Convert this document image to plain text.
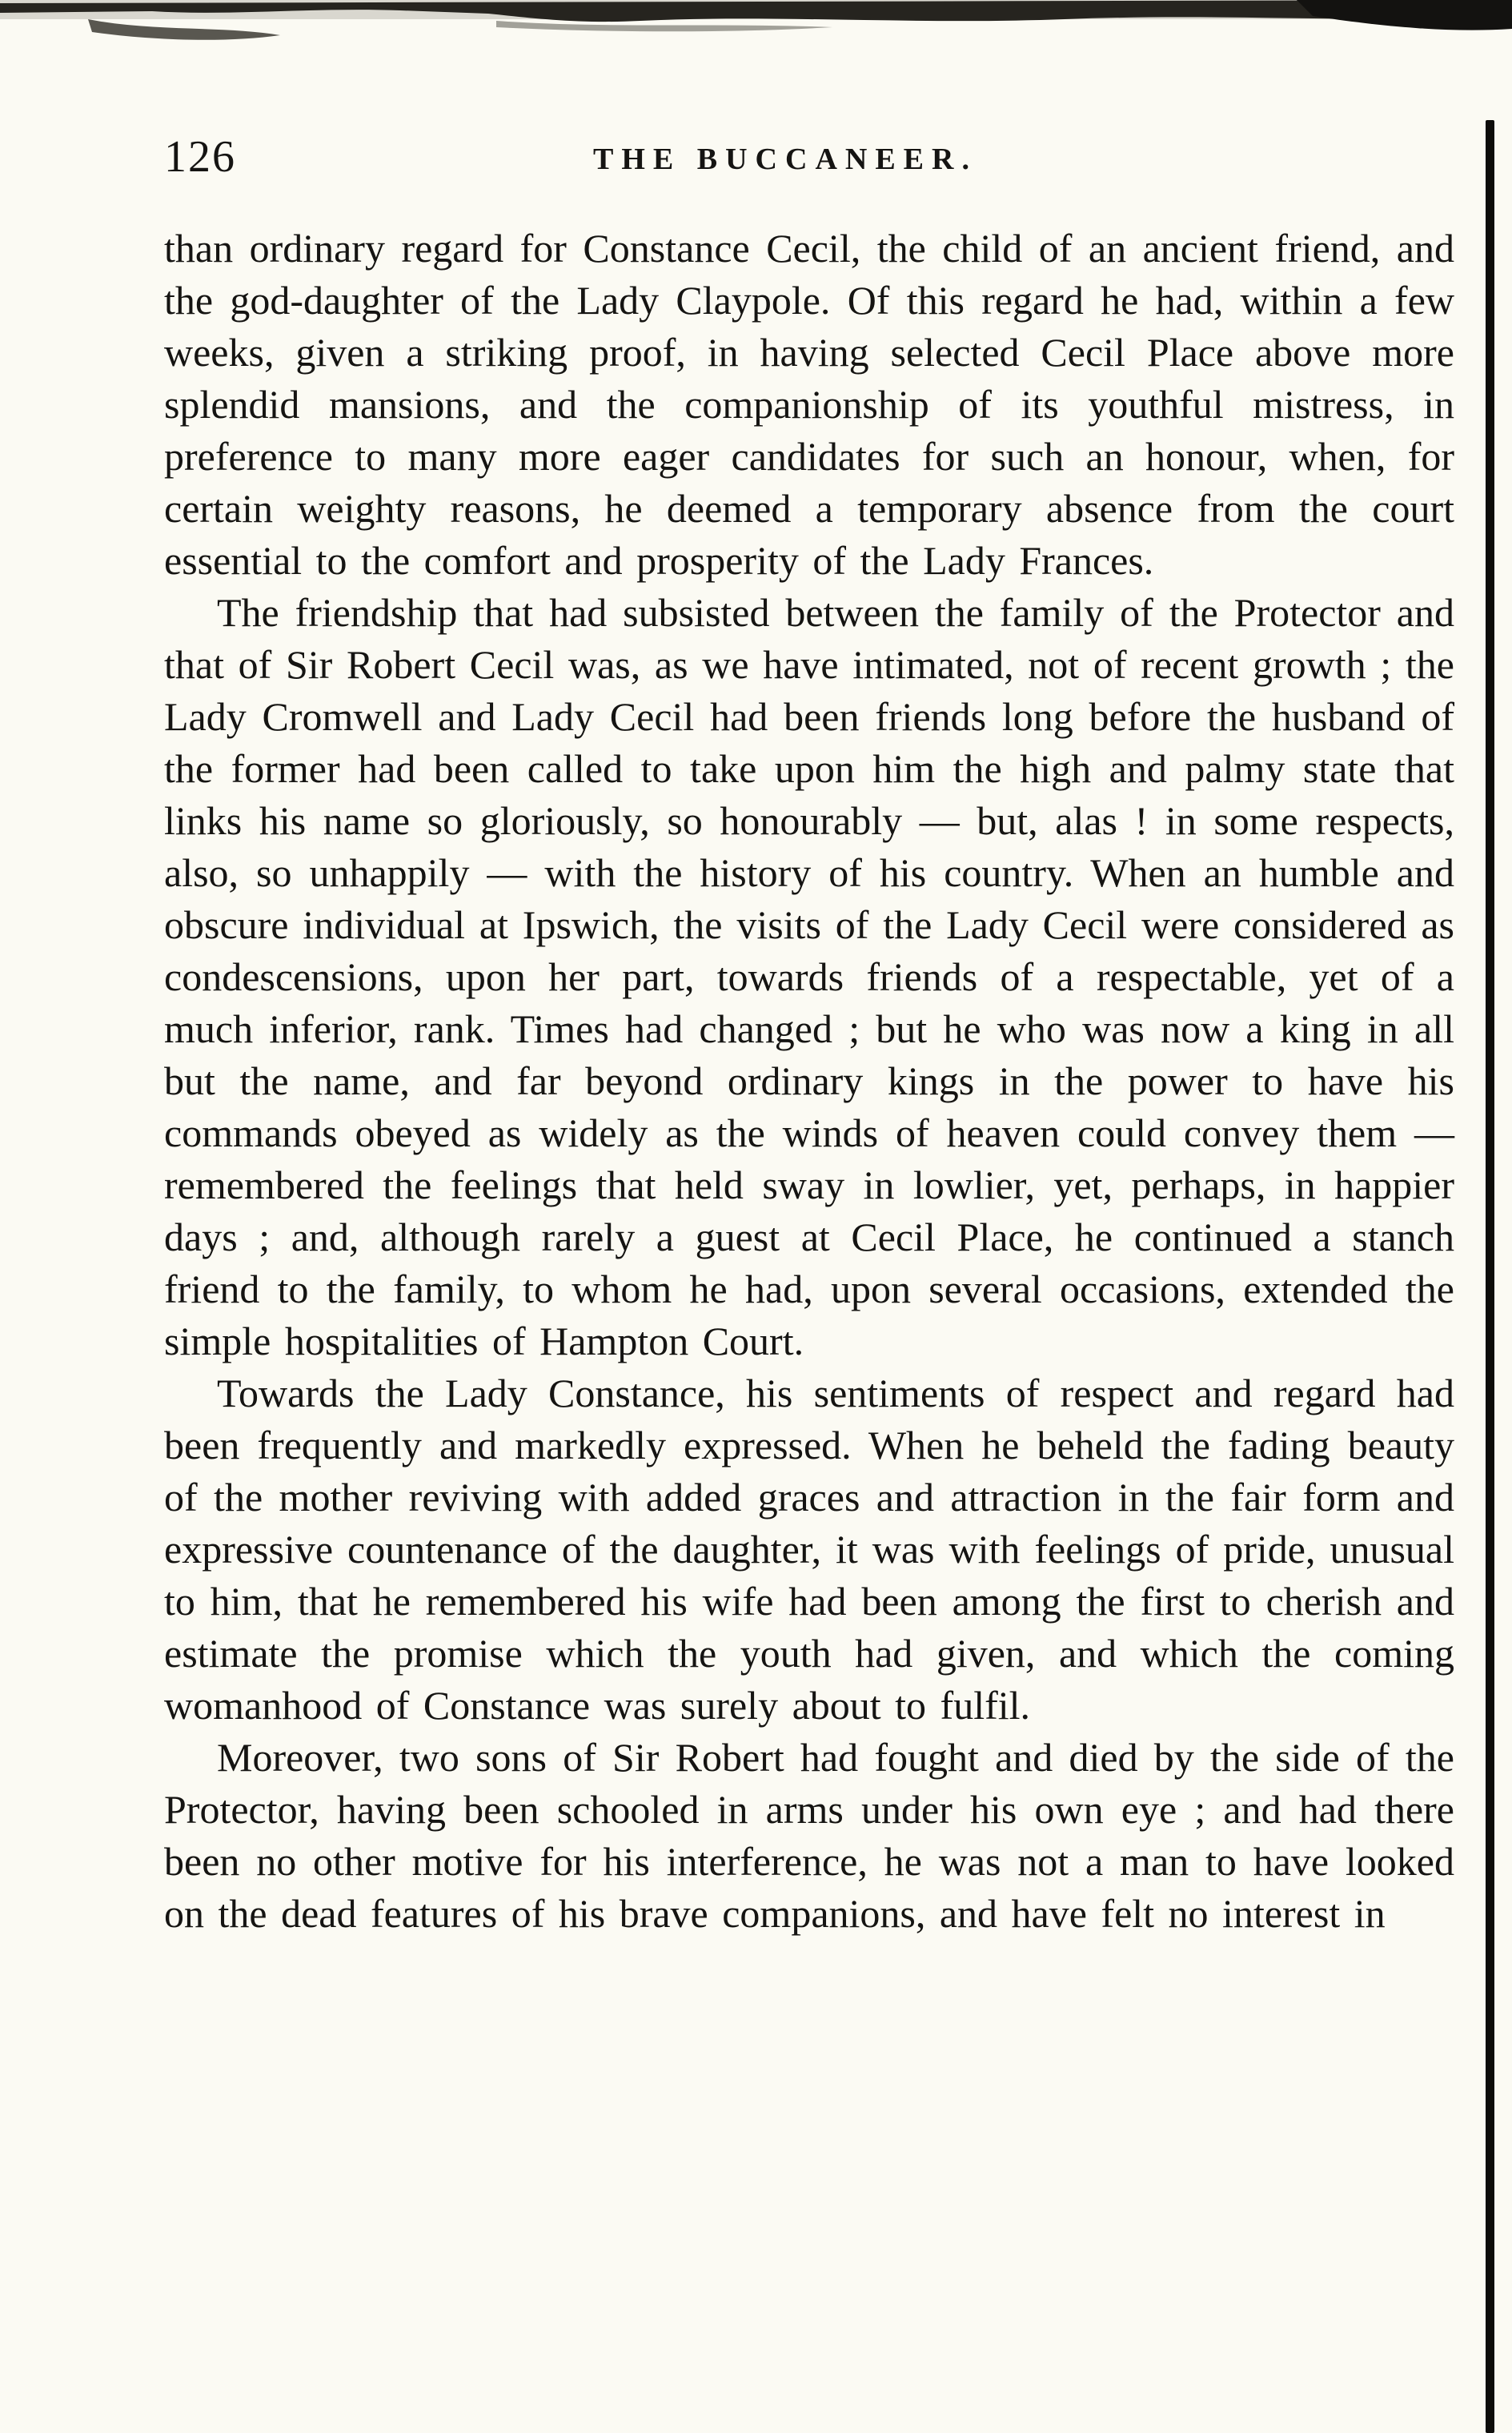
126	THE BUCCANEER.

than ordinary regard for Constance Cecil, the child of an ancient friend, and the god-daughter of the Lady Claypole. Of this regard he had, within a few weeks, given a striking proof, in having selected Cecil Place above more splendid mansions, and the companionship of its youthful mistress, in preference to many more eager candidates for such an honour, when, for certain weighty reasons, he deemed a temporary absence from the court essential to the comfort and prosperity of the Lady Frances.

The friendship that had subsisted between the family of the Protector and that of Sir Robert Cecil was, as we have intimated, not of recent growth ; the Lady Cromwell and Lady Cecil had been friends long before the husband of the former had been called to take upon him the high and palmy state that links his name so gloriously, so honourably — but, alas ! in some respects, also, so unhappily — with the history of his country. When an humble and obscure individual at Ipswich, the visits of the Lady Cecil were considered as condescensions, upon her part, towards friends of a respectable, yet of a much inferior, rank. Times had changed ; but he who was now a king in all but the name, and far beyond ordinary kings in the power to have his commands obeyed as widely as the winds of heaven could convey them — remembered the feelings that held sway in lowlier, yet, perhaps, in happier days ; and, although rarely a guest at Cecil Place, he continued a stanch friend to the family, to whom he had, upon several occasions, extended the simple hospitalities of Hampton Court.

Towards the Lady Constance, his sentiments of respect and regard had been frequently and markedly expressed. When he beheld the fading beauty of the mother reviving with added graces and attraction in the fair form and expressive countenance of the daughter, it was with feelings of pride, unusual to him, that he remembered his wife had been among the first to cherish and estimate the promise which the youth had given, and which the coming womanhood of Constance was surely about to fulfil.

Moreover, two sons of Sir Robert had fought and died by the side of the Protector, having been schooled in arms under his own eye ; and had there been no other motive for his interference, he was not a man to have looked on the dead features of his brave companions, and have felt no interest in
